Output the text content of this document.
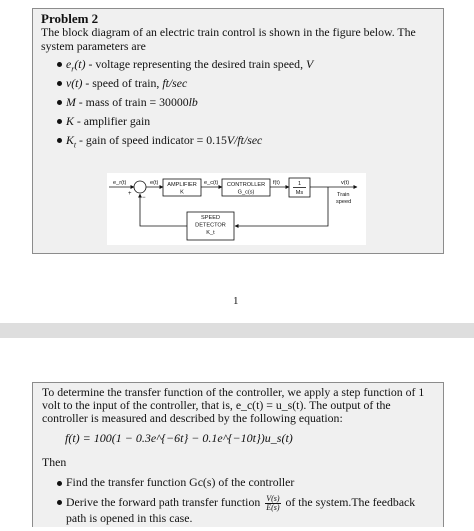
Problem 2
The block diagram of an electric train control is shown in the figure below. The system parameters are
$e_r(t)$ - voltage representing the desired train speed, V
v(t) - speed of train, ft/sec
M - mass of train = 30000lb
K - amplifier gain
$K_t$ - gain of speed indicator = 0.15V/ft/sec
e_r(t)
+
−
e(t) AMPLIFIER
K
e_c(t) CONTROLLER
G_c(s)
f(t)	1
Ms
v(t)
Train
speed
SPEED
DETECTOR
K_t
1
To determine the transfer function of the controller, we apply a step function of 1 volt to the input of the controller, that is, e_c(t) = u_s(t). The output of the controller is measured and described by the following equation:
f(t) = 100(1 − 0.3e^{−6t} − 0.1e^{−10t})u_s(t)
Then
Find the transfer function Gc(s) of the controller
Derive the forward path transfer function $\frac{V(s)}{E(s)}$ of the system.The feedback path is opened in this case.
